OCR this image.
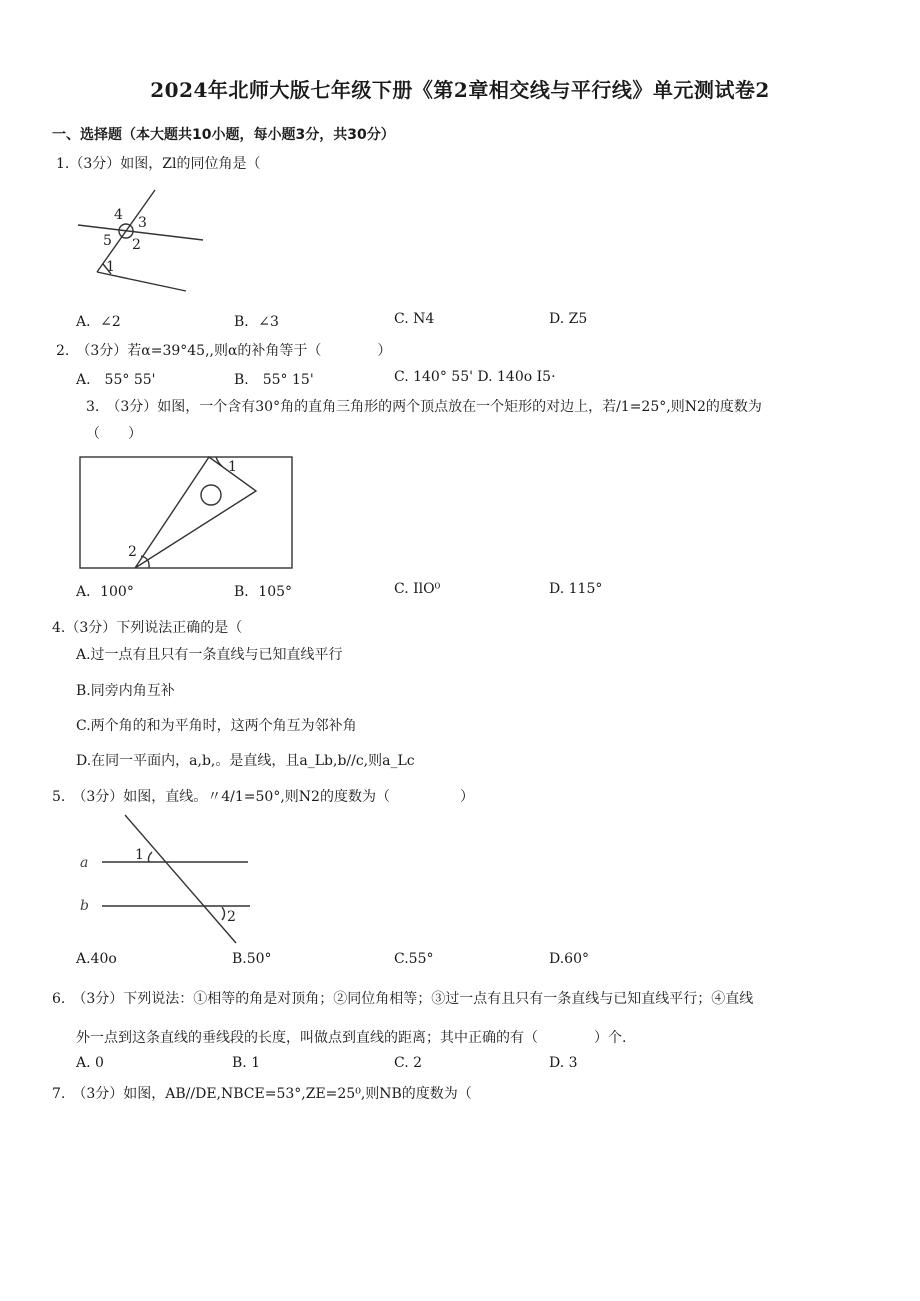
2024年北师大版七年级下册《第2章相交线与平行线》单元测试卷2
一、选择题（本大题共10小题，每小题3分，共30分）
1.（3分）如图，Zl的同位角是（
4 3
5 2
1
A．∠2	B．∠3	C. N4	D. Z5
2.　（3分）若α=39°45,,则α的补角等于（　　　　）
A.　55° 55'	B.　55° 15'	C. 140° 55' D. 140o I5·
3.　（3分）如图，一个含有30°角的直角三角形的两个顶点放在一个矩形的对边上，若/1=25°,则N2的度数为
（　　）
1
2
A．100°	B．105°	C. IlO⁰	D. 115°
4.（3分）下列说法正确的是（
A.过一点有且只有一条直线与已知直线平行
B.同旁内角互补
C.两个角的和为平角时，这两个角互为邻补角
D.在同一平面内，a,b,。是直线，且a_Lb,b//c,则a_Lc
5.　（3分）如图，直线。〃4/1=50°,则N2的度数为（　　　　　）
a
b
1
2
A.40o	B.50°	C.55°	D.60°
6.　（3分）下列说法：①相等的角是对顶角；②同位角相等；③过一点有且只有一条直线与已知直线平行；④直线
外一点到这条直线的垂线段的长度，叫做点到直线的距离；其中正确的有（　　　　）个.
A. 0	B. 1	C. 2	D. 3
7.　（3分）如图，AB//DE,NBCE=53°,ZE=25⁰,则NB的度数为（
